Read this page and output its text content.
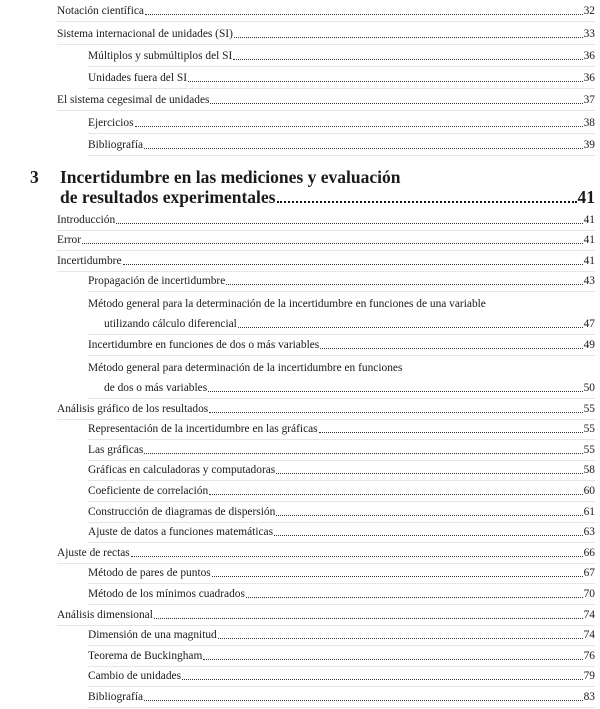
Notación científica	32
Sistema internacional de unidades (SI)	33
Múltiplos y submúltiplos del SI	36
Unidades fuera del SI	36
El sistema cegesimal de unidades	37
Ejercicios	38
Bibliografía	39
3	Incertidumbre en las mediciones y evaluación
de resultados experimentales	41
Introducción	41
Error	41
Incertidumbre	41
Propagación de incertidumbre	43
Método general para la determinación de la incertidumbre en funciones de una variable
utilizando cálculo diferencial	47
Incertidumbre en funciones de dos o más variables	49
Método general para determinación de la incertidumbre en funciones
de dos o más variables	50
Análisis gráfico de los resultados	55
Representación de la incertidumbre en las gráficas	55
Las gráficas	55
Gráficas en calculadoras y computadoras	58
Coeficiente de correlación	60
Construcción de diagramas de dispersión	61
Ajuste de datos a funciones matemáticas	63
Ajuste de rectas	66
Método de pares de puntos	67
Método de los mínimos cuadrados	70
Análisis dimensional	74
Dimensión de una magnitud	74
Teorema de Buckingham	76
Cambio de unidades	79
Bibliografía	83
